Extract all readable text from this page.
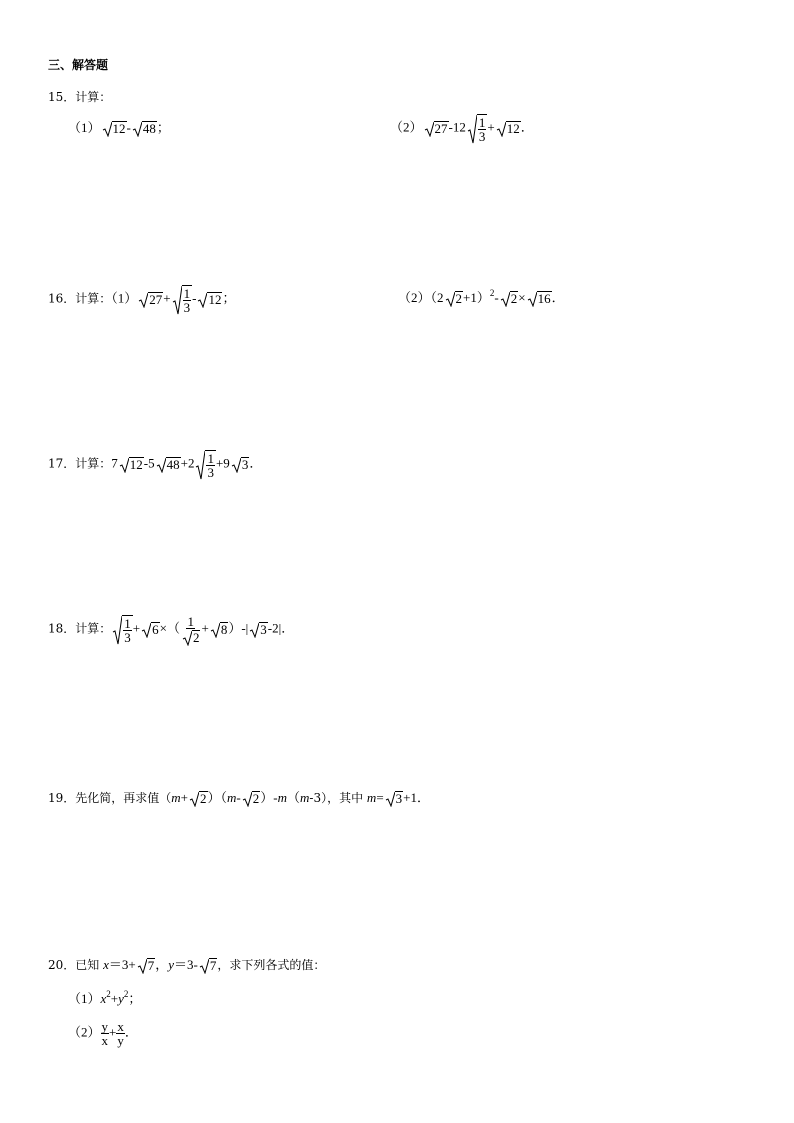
三、解答题
15．计算：
（1） 12- 48；	（2） $27-12 \frac{1}{3} + 12$．
16．计算：（1） $27+ \frac{1}{3} - 12$；	（2）（2 2+1）$^2$- 2× 16．
17．计算：7 12-5 $48+2 \frac{1}{3} +9$ 3．
18．计算： $\frac{1}{3} + 6\times( \frac{1}{2} + 8)-|$ 3-2|．
19．先化简，再求值（m+ 2）（m- 2）-m（m-3），其中 m= 3+1．
20．已知 x＝3+ 7，y＝3- 7，求下列各式的值：
$(1)x^2+y^2$；
$(2) \frac{y}{x} + \frac{x}{y}$ ．
